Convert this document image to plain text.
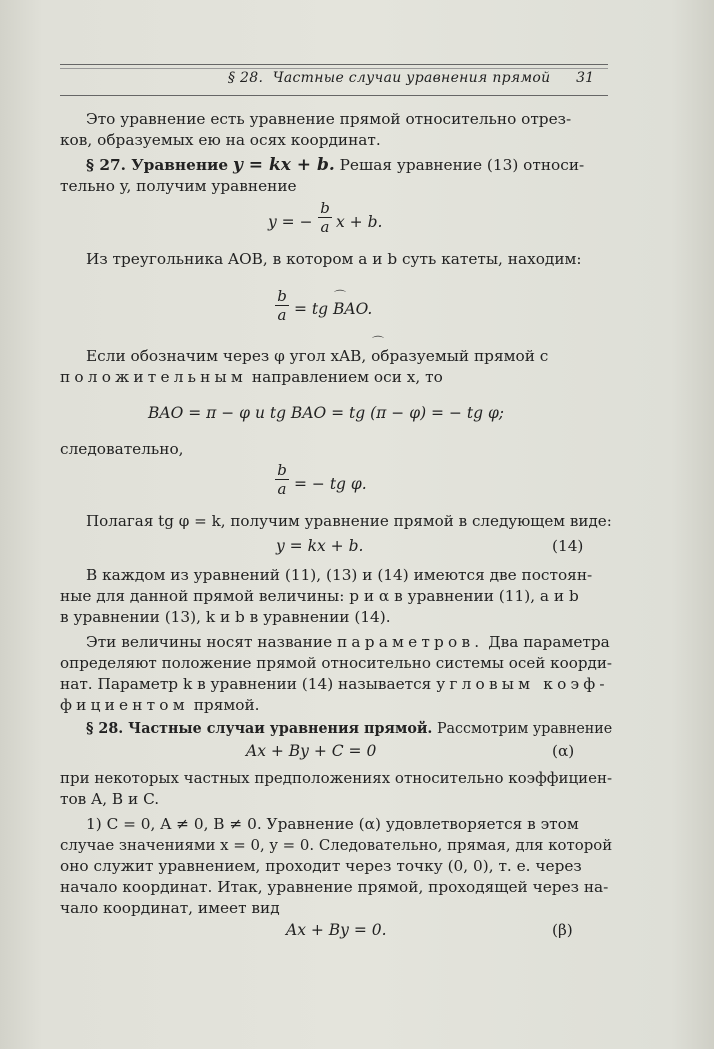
§ 28. Частные случаи уравнения прямой 31
Это уравнение есть уравнение прямой относительно отрез-
ков, образуемых ею на осях координат.
§ 27. Уравнение y = kx + b. Решая уравнение (13) относи-
тельно y, получим уравнение
y = − $\frac{b}{a}$ x + b.
Из треугольника AOB, в котором a и b суть катеты, находим:
$\frac{b}{a}$	⌒
= tg BAO.
⌒
Если обозначим через φ угол xAB, образуемый прямой с
положительным направлением оси x, то
BAO = π − φ и tg BAO = tg (π − φ) = − tg φ;
следовательно,
$\frac{b}{a}$ = − tg φ.
Полагая tg φ = k, получим уравнение прямой в следующем виде:
y = kx + b.	(14)
В каждом из уравнений (11), (13) и (14) имеются две постоян-
ные для данной прямой величины: p и α в уравнении (11), a и b
в уравнении (13), k и b в уравнении (14).
Эти величины носят название параметров. Два параметра
определяют положение прямой относительно системы осей коорди-
нат. Параметр k в уравнении (14) называется угловым коэф-
фициентом прямой.
§ 28. Частные случаи уравнения прямой. Рассмотрим уравнение
Ax + By + C = 0	(α)
при некоторых частных предположениях относительно коэффициен-
тов A, B и C.
1) C = 0, A ≠ 0, B ≠ 0. Уравнение (α) удовлетворяется в этом
случае значениями x = 0, y = 0. Следовательно, прямая, для которой
оно служит уравнением, проходит через точку (0, 0), т. е. через
начало координат. Итак, уравнение прямой, проходящей через на-
чало координат, имеет вид
Ax + By = 0.	(β)
